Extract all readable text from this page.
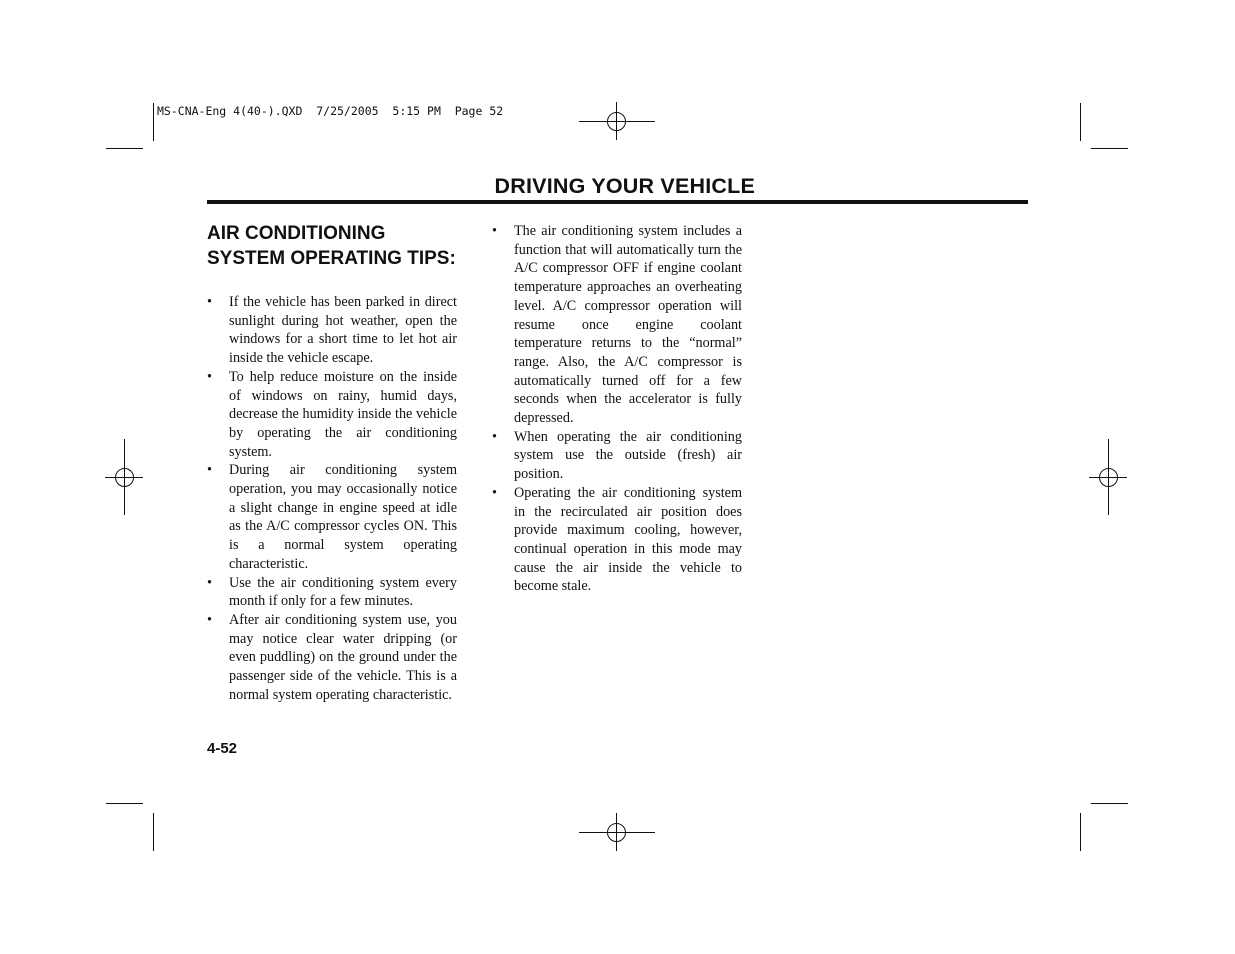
MS-CNA-Eng 4(40-).QXD  7/25/2005  5:15 PM  Page 52
DRIVING YOUR VEHICLE
AIR CONDITIONING SYSTEM OPERATING TIPS:
• If the vehicle has been parked in direct sunlight during hot weather, open the windows for a short time to let hot air inside the vehicle escape.
• To help reduce moisture on the inside of windows on rainy, humid days, decrease the humidity inside the vehicle by operating the air conditioning system.
• During air conditioning system operation, you may occasionally notice a slight change in engine speed at idle as the A/C compressor cycles ON. This is a normal system operating characteristic.
• Use the air conditioning system every month if only for a few minutes.
• After air conditioning system use, you may notice clear water dripping (or even puddling) on the ground under the passenger side of the vehicle. This is a normal system operating characteristic.
• The air conditioning system includes a function that will automatically turn the A/C compressor OFF if engine coolant temperature approaches an overheating level. A/C compressor operation will resume once engine coolant temperature returns to the “normal” range. Also, the A/C compressor is automatically turned off for a few seconds when the accelerator is fully depressed.
• When operating the air conditioning system use the outside (fresh) air position.
• Operating the air conditioning system in the recirculated air position does provide maximum cooling, however, continual operation in this mode may cause the air inside the vehicle to become stale.
4-52
